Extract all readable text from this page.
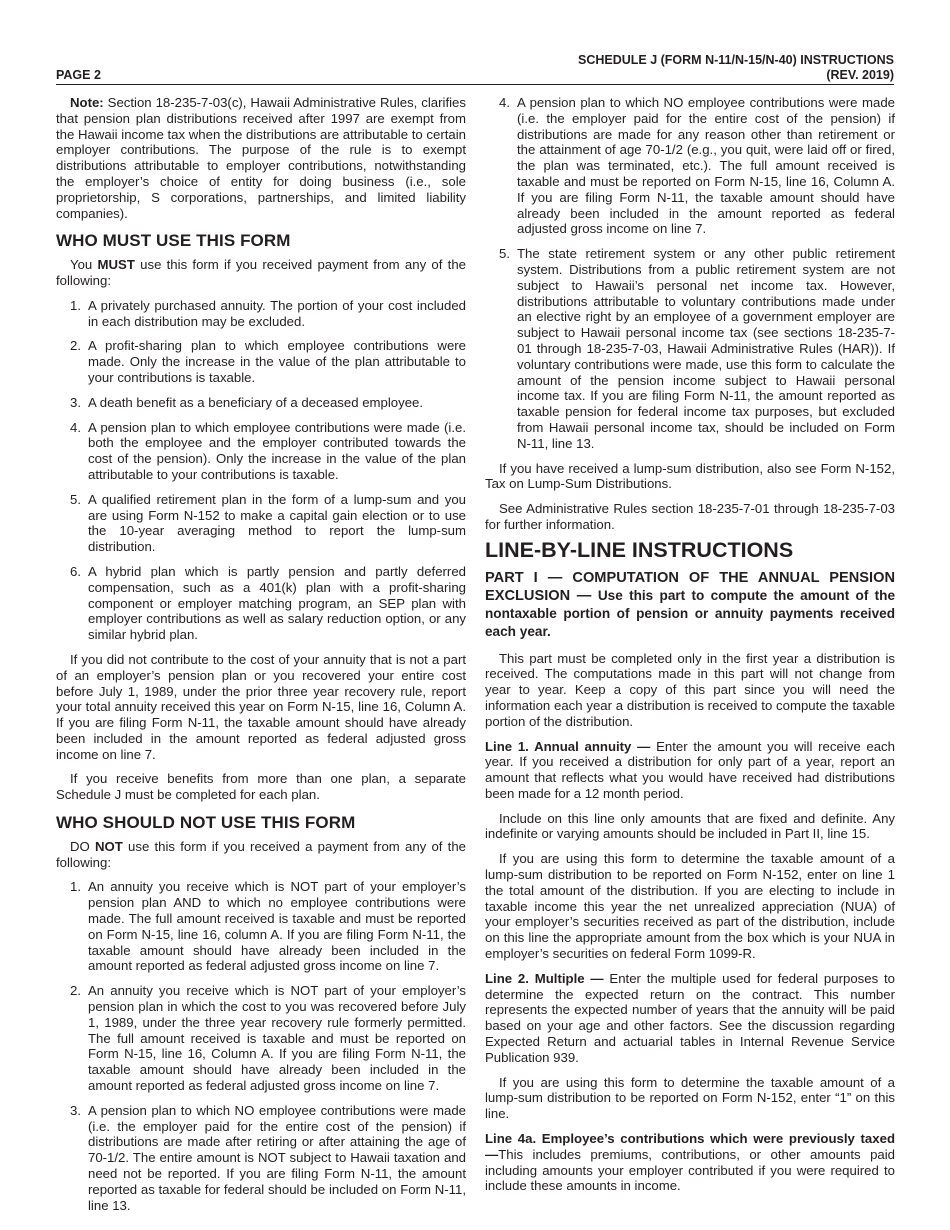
PAGE 2
SCHEDULE J (FORM N-11/N-15/N-40) INSTRUCTIONS
(REV. 2019)

Note: Section 18-235-7-03(c), Hawaii Administrative Rules, clarifies that pension plan distributions received after 1997 are exempt from the Hawaii income tax when the distributions are attributable to certain employer contributions. The purpose of the rule is to exempt distributions attributable to employer contributions, notwithstanding the employer’s choice of entity for doing business (i.e., sole proprietorship, S corporations, partnerships, and limited liability companies).

WHO MUST USE THIS FORM

You MUST use this form if you received payment from any of the following:

1. A privately purchased annuity. The portion of your cost included in each distribution may be excluded.
2. A profit-sharing plan to which employee contributions were made. Only the increase in the value of the plan attributable to your contributions is taxable.
3. A death benefit as a beneficiary of a deceased employee.
4. A pension plan to which employee contributions were made (i.e. both the employee and the employer contributed towards the cost of the pension). Only the increase in the value of the plan attributable to your contributions is taxable.
5. A qualified retirement plan in the form of a lump-sum and you are using Form N-152 to make a capital gain election or to use the 10-year averaging method to report the lump-sum distribution.
6. A hybrid plan which is partly pension and partly deferred compensation, such as a 401(k) plan with a profit-sharing component or employer matching program, an SEP plan with employer contributions as well as salary reduction option, or any similar hybrid plan.

If you did not contribute to the cost of your annuity that is not a part of an employer’s pension plan or you recovered your entire cost before July 1, 1989, under the prior three year recovery rule, report your total annuity received this year on Form N-15, line 16, Column A. If you are filing Form N-11, the taxable amount should have already been included in the amount reported as federal adjusted gross income on line 7.

If you receive benefits from more than one plan, a separate Schedule J must be completed for each plan.

WHO SHOULD NOT USE THIS FORM

DO NOT use this form if you received a payment from any of the following:

1. An annuity you receive which is NOT part of your employer’s pension plan AND to which no employee contributions were made. The full amount received is taxable and must be reported on Form N-15, line 16, column A. If you are filing Form N-11, the taxable amount should have already been included in the amount reported as federal adjusted gross income on line 7.
2. An annuity you receive which is NOT part of your employer’s pension plan in which the cost to you was recovered before July 1, 1989, under the three year recovery rule formerly permitted. The full amount received is taxable and must be reported on Form N-15, line 16, Column A. If you are filing Form N-11, the taxable amount should have already been included in the amount reported as federal adjusted gross income on line 7.
3. A pension plan to which NO employee contributions were made (i.e. the employer paid for the entire cost of the pension) if distributions are made after retiring or after attaining the age of 70-1/2. The entire amount is NOT subject to Hawaii taxation and need not be reported. If you are filing Form N-11, the amount reported as taxable for federal should be included on Form N-11, line 13.
4. A pension plan to which NO employee contributions were made (i.e. the employer paid for the entire cost of the pension) if distributions are made for any reason other than retirement or the attainment of age 70-1/2 (e.g., you quit, were laid off or fired, the plan was terminated, etc.). The full amount received is taxable and must be reported on Form N-15, line 16, Column A. If you are filing Form N-11, the taxable amount should have already been included in the amount reported as federal adjusted gross income on line 7.
5. The state retirement system or any other public retirement system. Distributions from a public retirement system are not subject to Hawaii’s personal net income tax. However, distributions attributable to voluntary contributions made under an elective right by an employee of a government employer are subject to Hawaii personal income tax (see sections 18-235-7-01 through 18-235-7-03, Hawaii Administrative Rules (HAR)). If voluntary contributions were made, use this form to calculate the amount of the pension income subject to Hawaii personal income tax. If you are filing Form N-11, the amount reported as taxable pension for federal income tax purposes, but excluded from Hawaii personal income tax, should be included on Form N-11, line 13.

If you have received a lump-sum distribution, also see Form N-152, Tax on Lump-Sum Distributions.

See Administrative Rules section 18-235-7-01 through 18-235-7-03 for further information.

LINE-BY-LINE INSTRUCTIONS
PART I — COMPUTATION OF THE ANNUAL PENSION EXCLUSION — Use this part to compute the amount of the nontaxable portion of pension or annuity payments received each year.

This part must be completed only in the first year a distribution is received. The computations made in this part will not change from year to year. Keep a copy of this part since you will need the information each year a distribution is received to compute the taxable portion of the distribution.

Line 1. Annual annuity — Enter the amount you will receive each year. If you received a distribution for only part of a year, report an amount that reflects what you would have received had distributions been made for a 12 month period.

Include on this line only amounts that are fixed and definite. Any indefinite or varying amounts should be included in Part II, line 15.

If you are using this form to determine the taxable amount of a lump-sum distribution to be reported on Form N-152, enter on line 1 the total amount of the distribution. If you are electing to include in taxable income this year the net unrealized appreciation (NUA) of your employer’s securities received as part of the distribution, include on this line the appropriate amount from the box which is your NUA in employer’s securities on federal Form 1099-R.

Line 2. Multiple — Enter the multiple used for federal purposes to determine the expected return on the contract. This number represents the expected number of years that the annuity will be paid based on your age and other factors. See the discussion regarding Expected Return and actuarial tables in Internal Revenue Service Publication 939.

If you are using this form to determine the taxable amount of a lump-sum distribution to be reported on Form N-152, enter “1” on this line.

Line 4a. Employee’s contributions which were previously taxed —This includes premiums, contributions, or other amounts paid including amounts your employer contributed if you were required to include these amounts in income.
